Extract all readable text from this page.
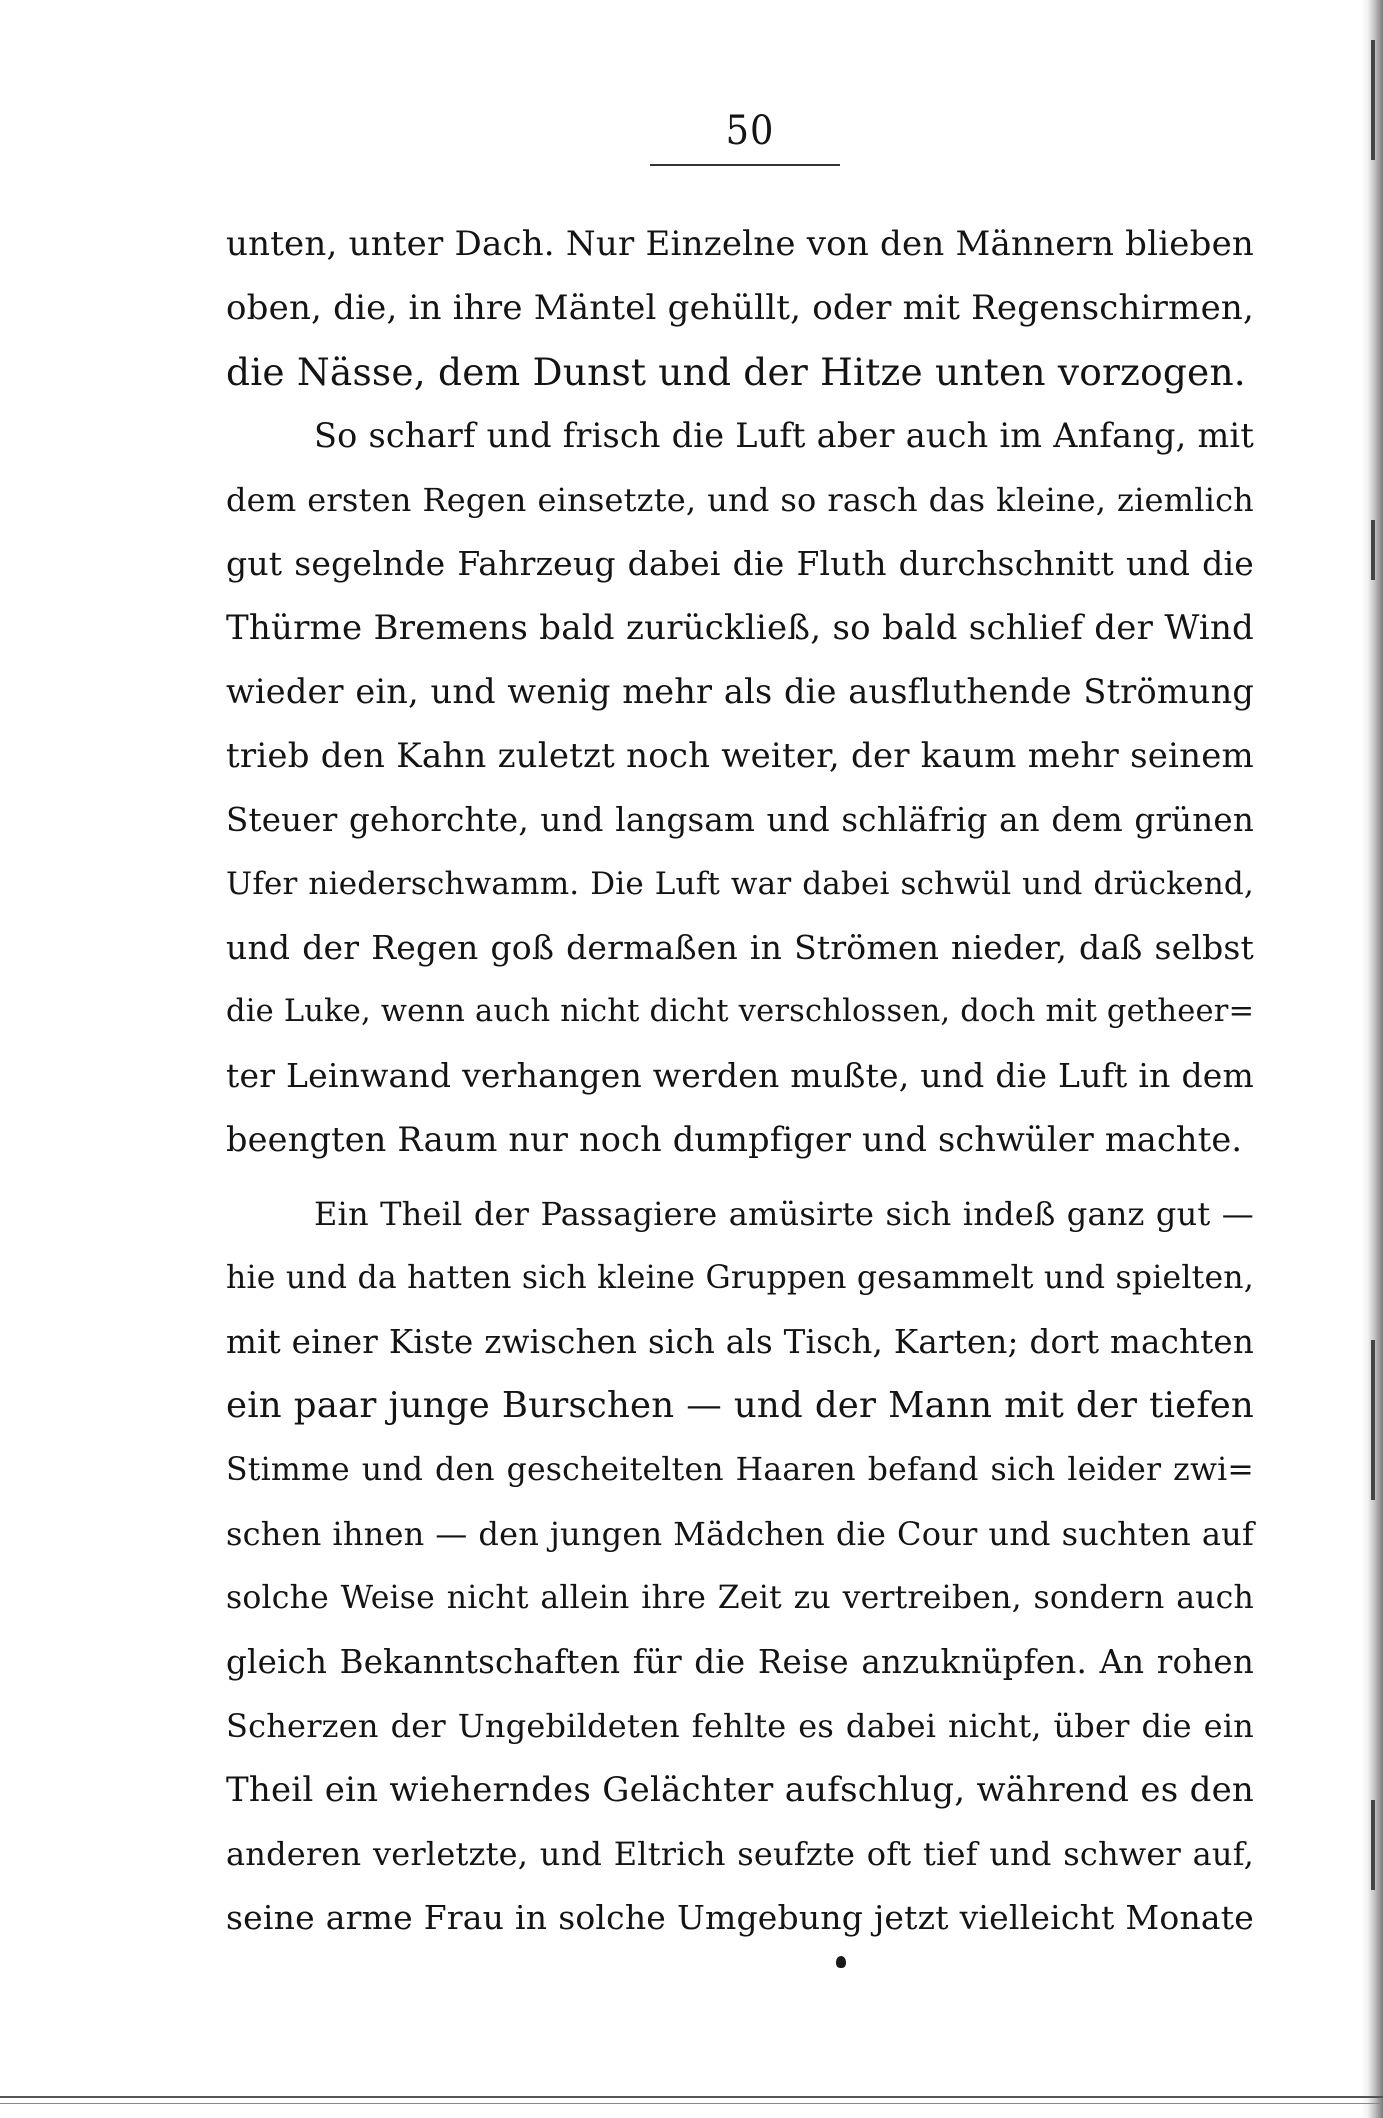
50
unten, unter Dach. Nur Einzelne von den Männern blieben
oben, die, in ihre Mäntel gehüllt, oder mit Regenschirmen,
die Nässe, dem Dunst und der Hitze unten vorzogen.
So scharf und frisch die Luft aber auch im Anfang, mit
dem ersten Regen einsetzte, und so rasch das kleine, ziemlich
gut segelnde Fahrzeug dabei die Fluth durchschnitt und die
Thürme Bremens bald zurückließ, so bald schlief der Wind
wieder ein, und wenig mehr als die ausfluthende Strömung
trieb den Kahn zuletzt noch weiter, der kaum mehr seinem
Steuer gehorchte, und langsam und schläfrig an dem grünen
Ufer niederschwamm. Die Luft war dabei schwül und drückend,
und der Regen goß dermaßen in Strömen nieder, daß selbst
die Luke, wenn auch nicht dicht verschlossen, doch mit getheer=
ter Leinwand verhangen werden mußte, und die Luft in dem
beengten Raum nur noch dumpfiger und schwüler machte.
Ein Theil der Passagiere amüsirte sich indeß ganz gut —
hie und da hatten sich kleine Gruppen gesammelt und spielten,
mit einer Kiste zwischen sich als Tisch, Karten; dort machten
ein paar junge Burschen — und der Mann mit der tiefen
Stimme und den gescheitelten Haaren befand sich leider zwi=
schen ihnen — den jungen Mädchen die Cour und suchten auf
solche Weise nicht allein ihre Zeit zu vertreiben, sondern auch
gleich Bekanntschaften für die Reise anzuknüpfen. An rohen
Scherzen der Ungebildeten fehlte es dabei nicht, über die ein
Theil ein wieherndes Gelächter aufschlug, während es den
anderen verletzte, und Eltrich seufzte oft tief und schwer auf,
seine arme Frau in solche Umgebung jetzt vielleicht Monate
